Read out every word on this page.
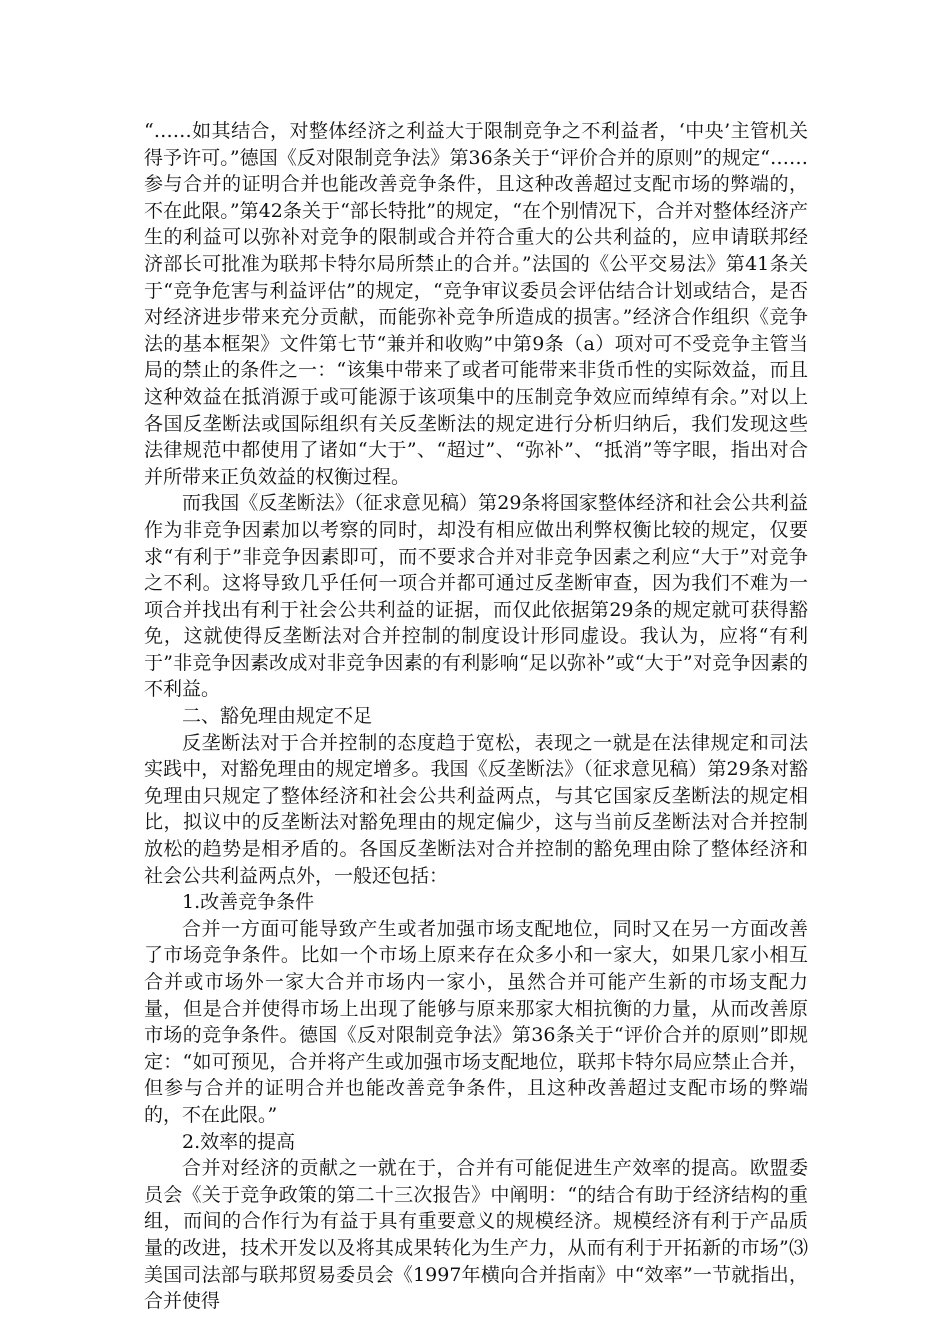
“……如其结合，对整体经济之利益大于限制竞争之不利益者，‘中央’主管机关得予许可。”德国《反对限制竞争法》第36条关于“评价合并的原则”的规定“……参与合并的证明合并也能改善竞争条件，且这种改善超过支配市场的弊端的，不在此限。”第42条关于“部长特批”的规定，“在个别情况下，合并对整体经济产生的利益可以弥补对竞争的限制或合并符合重大的公共利益的，应申请联邦经济部长可批准为联邦卡特尔局所禁止的合并。”法国的《公平交易法》第41条关于“竞争危害与利益评估”的规定，“竞争审议委员会评估结合计划或结合，是否对经济进步带来充分贡献，而能弥补竞争所造成的损害。”经济合作组织《竞争法的基本框架》文件第七节“兼并和收购”中第9条（a）项对可不受竞争主管当局的禁止的条件之一：“该集中带来了或者可能带来非货币性的实际效益，而且这种效益在抵消源于或可能源于该项集中的压制竞争效应而绰绰有余。”对以上各国反垄断法或国际组织有关反垄断法的规定进行分析归纳后，我们发现这些法律规范中都使用了诸如“大于”、“超过”、“弥补”、“抵消”等字眼，指出对合并所带来正负效益的权衡过程。

而我国《反垄断法》（征求意见稿）第29条将国家整体经济和社会公共利益作为非竞争因素加以考察的同时，却没有相应做出利弊权衡比较的规定，仅要求“有利于”非竞争因素即可，而不要求合并对非竞争因素之利应“大于”对竞争之不利。这将导致几乎任何一项合并都可通过反垄断审查，因为我们不难为一项合并找出有利于社会公共利益的证据，而仅此依据第29条的规定就可获得豁免，这就使得反垄断法对合并控制的制度设计形同虚设。我认为，应将“有利于”非竞争因素改成对非竞争因素的有利影响“足以弥补”或“大于”对竞争因素的不利益。

二、豁免理由规定不足

反垄断法对于合并控制的态度趋于宽松，表现之一就是在法律规定和司法实践中，对豁免理由的规定增多。我国《反垄断法》（征求意见稿）第29条对豁免理由只规定了整体经济和社会公共利益两点，与其它国家反垄断法的规定相比，拟议中的反垄断法对豁免理由的规定偏少，这与当前反垄断法对合并控制放松的趋势是相矛盾的。各国反垄断法对合并控制的豁免理由除了整体经济和社会公共利益两点外，一般还包括：

1.改善竞争条件

合并一方面可能导致产生或者加强市场支配地位，同时又在另一方面改善了市场竞争条件。比如一个市场上原来存在众多小和一家大，如果几家小相互合并或市场外一家大合并市场内一家小，虽然合并可能产生新的市场支配力量，但是合并使得市场上出现了能够与原来那家大相抗衡的力量，从而改善原市场的竞争条件。德国《反对限制竞争法》第36条关于“评价合并的原则”即规定：“如可预见，合并将产生或加强市场支配地位，联邦卡特尔局应禁止合并，但参与合并的证明合并也能改善竞争条件，且这种改善超过支配市场的弊端的，不在此限。”

2.效率的提高

合并对经济的贡献之一就在于，合并有可能促进生产效率的提高。欧盟委员会《关于竞争政策的第二十三次报告》中阐明：“的结合有助于经济结构的重组，而间的合作行为有益于具有重要意义的规模经济。规模经济有利于产品质量的改进，技术开发以及将其成果转化为生产力，从而有利于开拓新的市场”⑶美国司法部与联邦贸易委员会《1997年横向合并指南》中“效率”一节就指出，合并使得
